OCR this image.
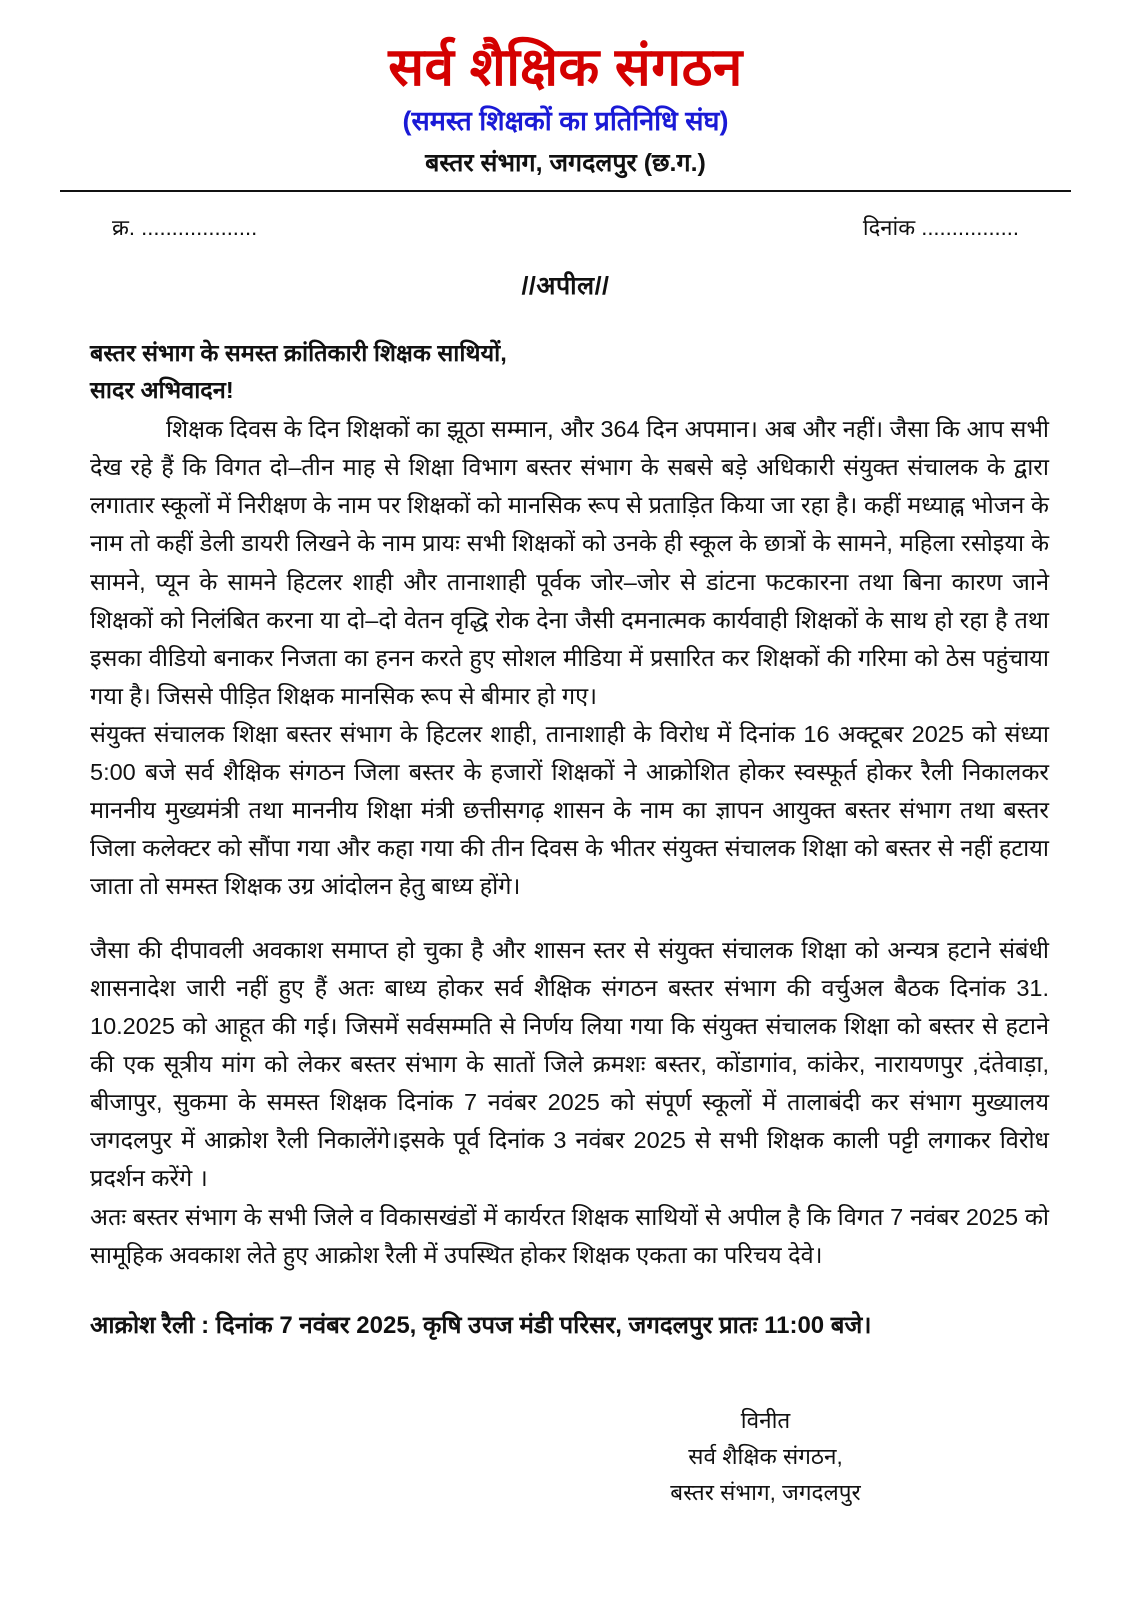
सर्व शैक्षिक संगठन
(समस्त शिक्षकों का प्रतिनिधि संघ)
बस्तर संभाग, जगदलपुर (छ.ग.)
क्र. ...................	दिनांक ................
//अपील//
बस्तर संभाग के समस्त क्रांतिकारी शिक्षक साथियों,
सादर अभिवादन!

शिक्षक दिवस के दिन शिक्षकों का झूठा सम्मान, और 364 दिन अपमान। अब और नहीं। जैसा कि आप सभी देख रहे हैं कि विगत दो–तीन माह से शिक्षा विभाग बस्तर संभाग के सबसे बड़े अधिकारी संयुक्त संचालक के द्वारा लगातार स्कूलों में निरीक्षण के नाम पर शिक्षकों को मानसिक रूप से प्रताड़ित किया जा रहा है। कहीं मध्याह्न भोजन के नाम तो कहीं डेली डायरी लिखने के नाम प्रायः सभी शिक्षकों को उनके ही स्कूल के छात्रों के सामने, महिला रसोइया के सामने, प्यून के सामने हिटलर शाही और तानाशाही पूर्वक जोर–जोर से डांटना फटकारना तथा बिना कारण जाने शिक्षकों को निलंबित करना या दो–दो वेतन वृद्धि रोक देना जैसी दमनात्मक कार्यवाही शिक्षकों के साथ हो रहा है तथा इसका वीडियो बनाकर निजता का हनन करते हुए सोशल मीडिया में प्रसारित कर शिक्षकों की गरिमा को ठेस पहुंचाया गया है। जिससे पीड़ित शिक्षक मानसिक रूप से बीमार हो गए।

संयुक्त संचालक शिक्षा बस्तर संभाग के हिटलर शाही, तानाशाही के विरोध में दिनांक 16 अक्टूबर 2025 को संध्या 5:00 बजे सर्व शैक्षिक संगठन जिला बस्तर के हजारों शिक्षकों ने आक्रोशित होकर स्वस्फूर्त होकर रैली निकालकर माननीय मुख्यमंत्री तथा माननीय शिक्षा मंत्री छत्तीसगढ़ शासन के नाम का ज्ञापन आयुक्त बस्तर संभाग तथा बस्तर जिला कलेक्टर को सौंपा गया और कहा गया की तीन दिवस के भीतर संयुक्त संचालक शिक्षा को बस्तर से नहीं हटाया जाता तो समस्त शिक्षक उग्र आंदोलन हेतु बाध्य होंगे।

जैसा की दीपावली अवकाश समाप्त हो चुका है और शासन स्तर से संयुक्त संचालक शिक्षा को अन्यत्र हटाने संबंधी शासनादेश जारी नहीं हुए हैं अतः बाध्य होकर सर्व शैक्षिक संगठन बस्तर संभाग की वर्चुअल बैठक दिनांक 31. 10.2025 को आहूत की गई। जिसमें सर्वसम्मति से निर्णय लिया गया कि संयुक्त संचालक शिक्षा को बस्तर से हटाने की एक सूत्रीय मांग को लेकर बस्तर संभाग के सातों जिले क्रमशः बस्तर, कोंडागांव, कांकेर, नारायणपुर ,दंतेवाड़ा, बीजापुर, सुकमा के समस्त शिक्षक दिनांक 7 नवंबर 2025 को संपूर्ण स्कूलों में तालाबंदी कर संभाग मुख्यालय जगदलपुर में आक्रोश रैली निकालेंगे।इसके पूर्व दिनांक 3 नवंबर 2025 से सभी शिक्षक काली पट्टी लगाकर विरोध प्रदर्शन करेंगे ।

अतः बस्तर संभाग के सभी जिले व विकासखंडों में कार्यरत शिक्षक साथियों से अपील है कि विगत 7 नवंबर 2025 को सामूहिक अवकाश लेते हुए आक्रोश रैली में उपस्थित होकर शिक्षक एकता का परिचय देवे।

आक्रोश रैली : दिनांक 7 नवंबर 2025, कृषि उपज मंडी परिसर, जगदलपुर प्रातः 11:00 बजे।
विनीत
सर्व शैक्षिक संगठन,
बस्तर संभाग, जगदलपुर
